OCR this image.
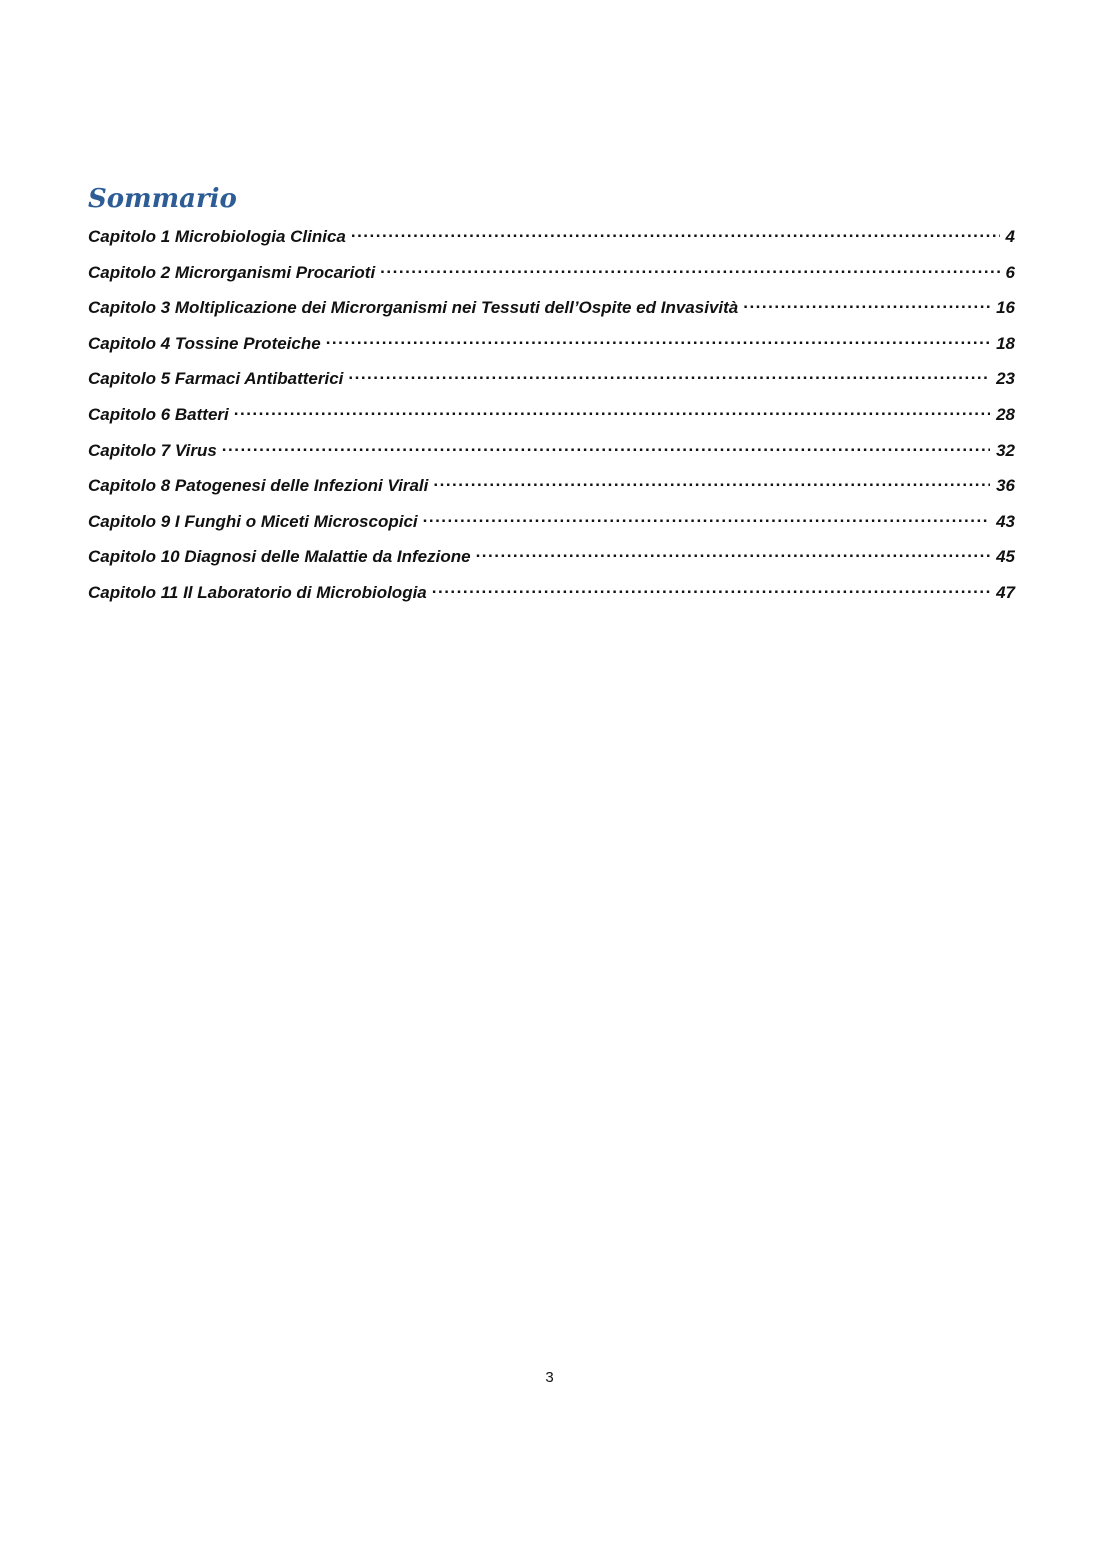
Sommario
Capitolo 1 Microbiologia Clinica .....	4
Capitolo 2 Microrganismi Procarioti .....	6
Capitolo 3 Moltiplicazione dei Microrganismi nei Tessuti dell’Ospite ed Invasività .....	16
Capitolo 4 Tossine Proteiche .....	18
Capitolo 5 Farmaci Antibatterici .....	23
Capitolo 6 Batteri .....	28
Capitolo 7 Virus .....	32
Capitolo 8 Patogenesi delle Infezioni Virali .....	36
Capitolo 9 I Funghi o Miceti Microscopici .....	43
Capitolo 10 Diagnosi delle Malattie da Infezione .....	45
Capitolo 11 Il Laboratorio di Microbiologia .....	47
3
